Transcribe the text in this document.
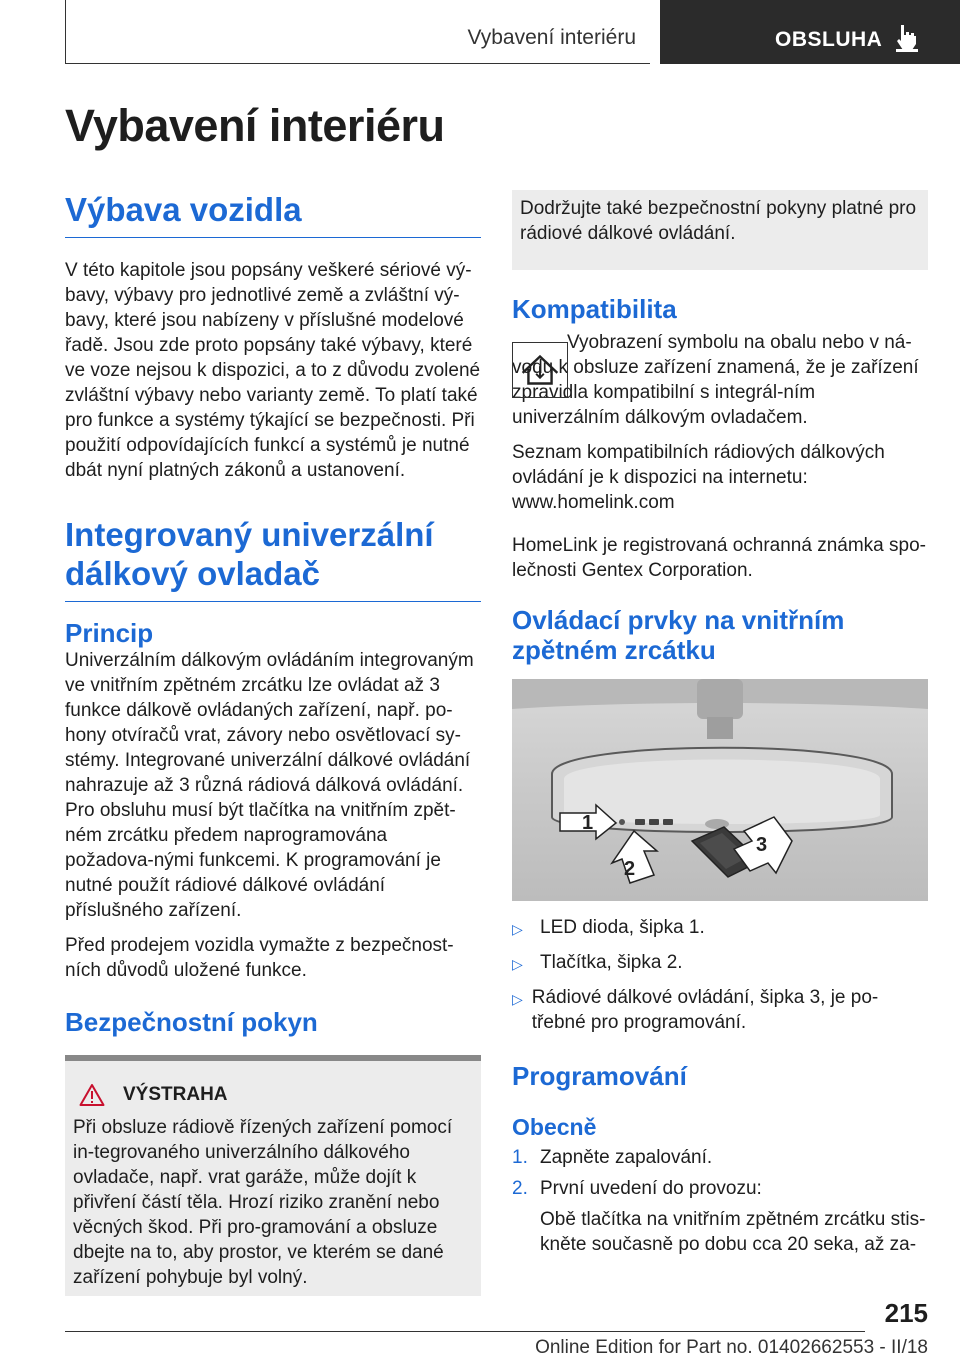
Vybavení interiéru	OBSLUHA
Vybavení interiéru
Výbava vozidla

V této kapitole jsou popsány veškeré sériové vý-bavy, výbavy pro jednotlivé země a zvláštní vý-bavy, které jsou nabízeny v příslušné modelové řadě. Jsou zde proto popsány také výbavy, které ve voze nejsou k dispozici, a to z důvodu zvolené zvláštní výbavy nebo varianty země. To platí také pro funkce a systémy týkající se bezpečnosti. Při použití odpovídajících funkcí a systémů je nutné dbát nyní platných zákonů a ustanovení.

Integrovaný univerzální dálkový ovladač
Princip

Univerzálním dálkovým ovládáním integrovaným ve vnitřním zpětném zrcátku lze ovládat až 3 funkce dálkově ovládaných zařízení, např. po-hony otvíračů vrat, závory nebo osvětlovací sy-stémy. Integrované univerzální dálkové ovládání nahrazuje až 3 různá rádiová dálková ovládání. Pro obsluhu musí být tlačítka na vnitřním zpět-ném zrcátku předem naprogramována požadova-nými funkcemi. K programování je nutné použít rádiové dálkové ovládání příslušného zařízení.

Před prodejem vozidla vymažte z bezpečnost-ních důvodů uložené funkce.

Bezpečnostní pokyn
VÝSTRAHA

Při obsluze rádiově řízených zařízení pomocí in-tegrovaného univerzálního dálkového ovladače, např. vrat garáže, může dojít k přivření částí těla. Hrozí riziko zranění nebo věcných škod. Při pro-gramování a obsluze dbejte na to, aby prostor, ve kterém se dané zařízení pohybuje byl volný.

Dodržujte také bezpečnostní pokyny platné pro rádiové dálkové ovládání.

Kompatibilita

Vyobrazení symbolu na obalu nebo v ná-vodu k obsluze zařízení znamená, že je zařízení zpravidla kompatibilní s integrál-ním univerzálním dálkovým ovladačem.

Seznam kompatibilních rádiových dálkových ovládání je k dispozici na internetu: www.homelink.com

HomeLink je registrovaná ochranná známka spo-lečnosti Gentex Corporation.

Ovládací prvky na vnitřním zpětném zrcátku
1
2
3
▷ LED dioda, šipka 1.
▷ Tlačítka, šipka 2.
▷ Rádiové dálkové ovládání, šipka 3, je po-třebné pro programování.
Programování
Obecně
1. Zapněte zapalování.
2. První uvedení do provozu:

Obě tlačítka na vnitřním zpětném zrcátku stis-kněte současně po dobu cca 20 seka, až za-

215
Online Edition for Part no. 01402662553 - II/18
